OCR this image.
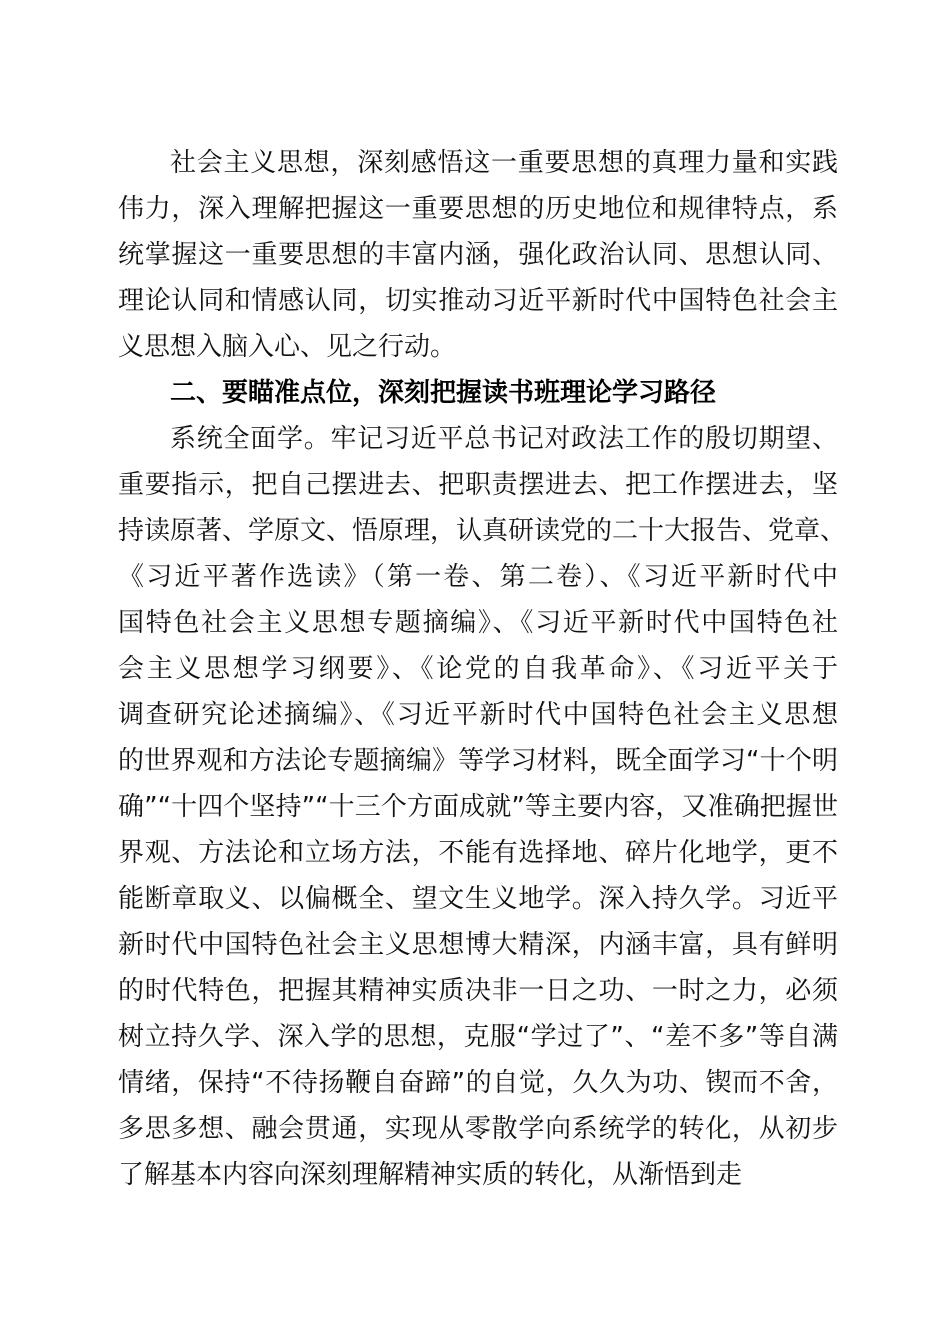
社会主义思想，深刻感悟这一重要思想的真理力量和实践
伟力，深入理解把握这一重要思想的历史地位和规律特点，系
统掌握这一重要思想的丰富内涵，强化政治认同、思想认同、
理论认同和情感认同，切实推动习近平新时代中国特色社会主
义思想入脑入心、见之行动。
二、要瞄准点位，深刻把握读书班理论学习路径
系统全面学。牢记习近平总书记对政法工作的殷切期望、
重要指示，把自己摆进去、把职责摆进去、把工作摆进去，坚
持读原著、学原文、悟原理，认真研读党的二十大报告、党章、
《习近平著作选读》（第一卷、第二卷）、《习近平新时代中
国特色社会主义思想专题摘编》、《习近平新时代中国特色社
会主义思想学习纲要》、《论党的自我革命》、《习近平关于
调查研究论述摘编》、《习近平新时代中国特色社会主义思想
的世界观和方法论专题摘编》等学习材料，既全面学习“十个明
确”“十四个坚持”“十三个方面成就”等主要内容，又准确把握世
界观、方法论和立场方法，不能有选择地、碎片化地学，更不
能断章取义、以偏概全、望文生义地学。深入持久学。习近平
新时代中国特色社会主义思想博大精深，内涵丰富，具有鲜明
的时代特色，把握其精神实质决非一日之功、一时之力，必须
树立持久学、深入学的思想，克服“学过了”、“差不多”等自满
情绪，保持“不待扬鞭自奋蹄”的自觉，久久为功、锲而不舍，
多思多想、融会贯通，实现从零散学向系统学的转化，从初步
了解基本内容向深刻理解精神实质的转化，从渐悟到走
